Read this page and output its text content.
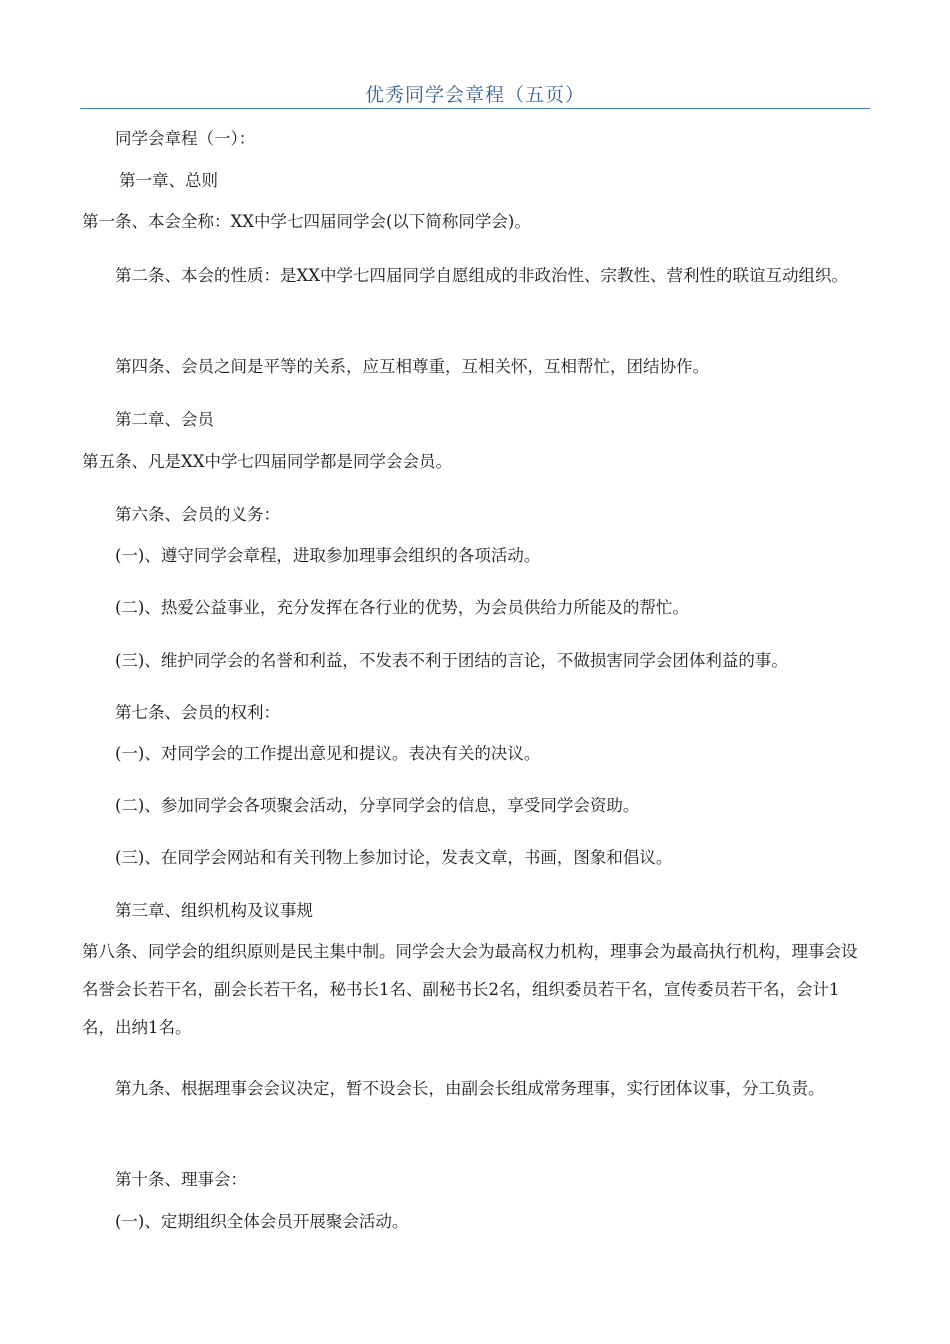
优秀同学会章程（五页）
同学会章程（一）：
第一章、总则
第一条、本会全称：XX中学七四届同学会(以下简称同学会)。
第二条、本会的性质：是XX中学七四届同学自愿组成的非政治性、宗教性、营利性的联谊互动组织。
第四条、会员之间是平等的关系，应互相尊重，互相关怀，互相帮忙，团结协作。
第二章、会员
第五条、凡是XX中学七四届同学都是同学会会员。
第六条、会员的义务：
(一)、遵守同学会章程，进取参加理事会组织的各项活动。
(二)、热爱公益事业，充分发挥在各行业的优势，为会员供给力所能及的帮忙。
(三)、维护同学会的名誉和利益，不发表不利于团结的言论，不做损害同学会团体利益的事。
第七条、会员的权利：
(一)、对同学会的工作提出意见和提议。表决有关的决议。
(二)、参加同学会各项聚会活动，分享同学会的信息，享受同学会资助。
(三)、在同学会网站和有关刊物上参加讨论，发表文章，书画，图象和倡议。
第三章、组织机构及议事规
第八条、同学会的组织原则是民主集中制。同学会大会为最高权力机构，理事会为最高执行机构，理事会设名誉会长若干名，副会长若干名，秘书长1名、副秘书长2名，组织委员若干名，宣传委员若干名，会计1名，出纳1名。
第九条、根据理事会会议决定，暂不设会长，由副会长组成常务理事，实行团体议事，分工负责。
第十条、理事会：
(一)、定期组织全体会员开展聚会活动。
